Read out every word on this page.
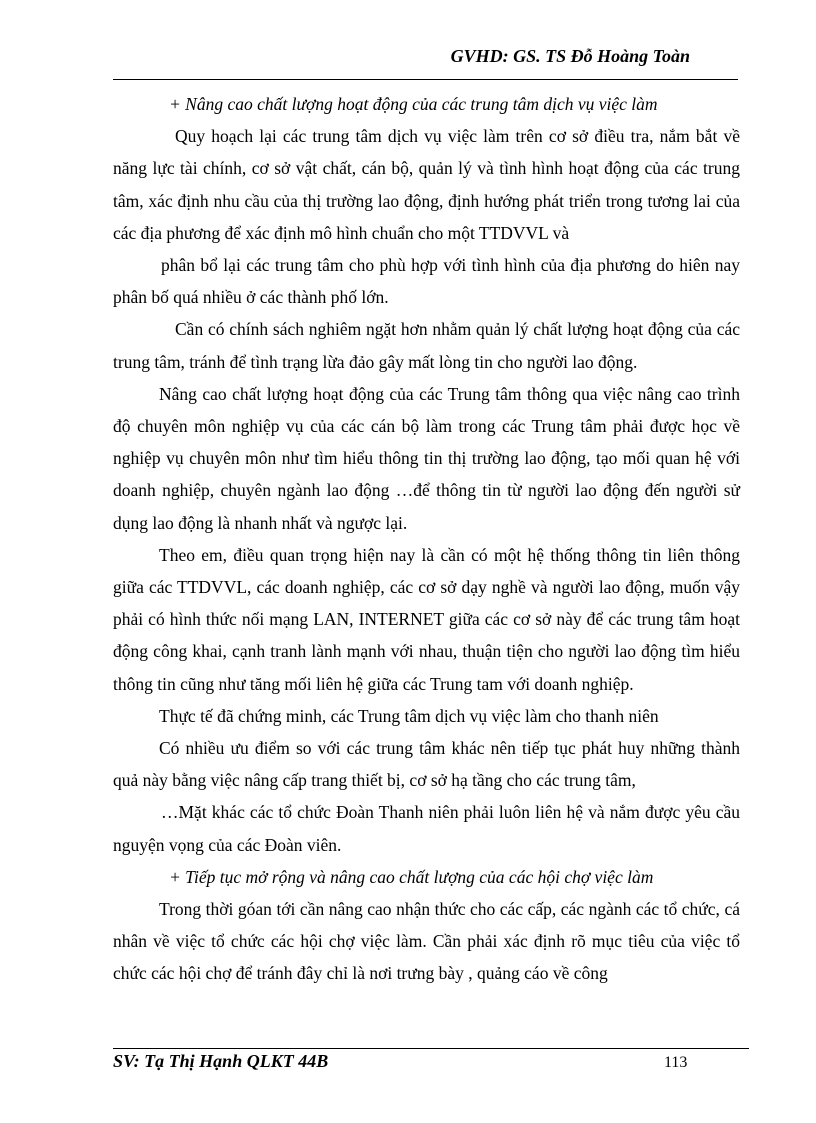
GVHD: GS. TS Đỗ Hoàng Toàn

+ Nâng cao chất lượng hoạt động của các trung tâm dịch vụ việc làm

Quy hoạch lại các trung tâm dịch vụ việc làm trên cơ sở điều tra, nắm bắt về năng lực tài chính, cơ sở vật chất, cán bộ, quản lý và tình hình hoạt động của các trung tâm, xác định nhu cầu của thị trường lao động, định hướng phát triển trong tương lai của các địa phương để xác định mô hình chuẩn cho một TTDVVL và

phân bổ lại các trung tâm cho phù hợp với tình hình của địa phương do hiên nay phân bố quá nhiều ở các thành phố lớn.

Cần có chính sách nghiêm ngặt hơn nhằm quản lý chất lượng hoạt động của các trung tâm, tránh để tình trạng lừa đảo gây mất lòng tin cho người lao động.

Nâng cao chất lượng hoạt động của các Trung tâm thông qua việc nâng cao trình độ chuyên môn nghiệp vụ của các cán bộ làm trong các Trung tâm phải được học về nghiệp vụ chuyên môn như tìm hiểu thông tin thị trường lao động, tạo mối quan hệ với doanh nghiệp, chuyên ngành lao động …để thông tin từ người lao động đến người sử dụng lao động là nhanh nhất và ngược lại.

Theo em, điều quan trọng hiện nay là cần có một hệ thống thông tin liên thông giữa các TTDVVL, các doanh nghiệp, các cơ sở dạy nghề và người lao động, muốn vậy phải có hình thức nối mạng LAN, INTERNET giữa các cơ sở này để các trung tâm hoạt động công khai, cạnh tranh lành mạnh với nhau, thuận tiện cho người lao động tìm hiểu thông tin cũng như tăng mối liên hệ giữa các Trung tam với doanh nghiệp.

Thực tế đã chứng minh, các Trung tâm dịch vụ việc làm cho thanh niên

Có nhiều ưu điểm so với các trung tâm khác nên tiếp tục phát huy những thành quả này bằng việc nâng cấp trang thiết bị, cơ sở hạ tầng cho các trung tâm,

…Mặt khác các tổ chức Đoàn Thanh niên phải luôn liên hệ và nắm được yêu cầu nguyện vọng của các Đoàn viên.

+ Tiếp tục mở rộng và nâng cao chất lượng của các hội chợ việc làm

Trong thời góan tới cần nâng cao nhận thức cho các cấp, các ngành các tổ chức, cá nhân về việc tổ chức các hội chợ việc làm. Cần phải xác định rõ mục tiêu của việc tổ chức các hội chợ để tránh đây chỉ là nơi trưng bày , quảng cáo về công

SV: Tạ Thị Hạnh QLKT 44B	113
